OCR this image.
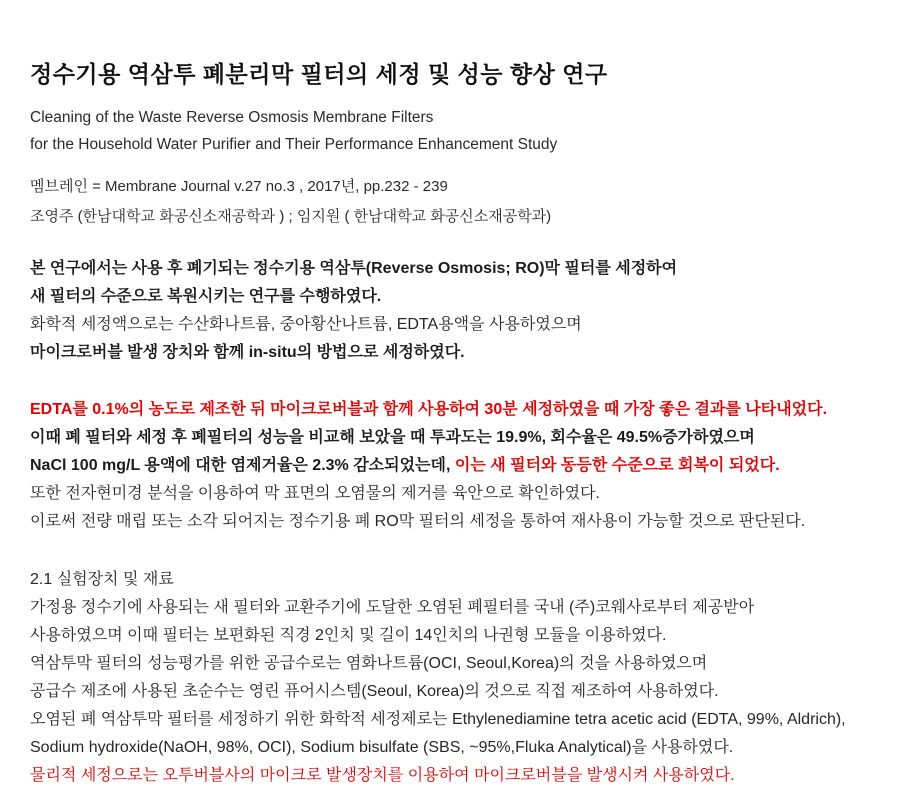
정수기용 역삼투 폐분리막 필터의 세정 및 성능 향상 연구
Cleaning of the Waste Reverse Osmosis Membrane Filters
for the Household Water Purifier and Their Performance Enhancement Study
멤브레인 = Membrane Journal v.27 no.3 , 2017년, pp.232 - 239
조영주 (한남대학교 화공신소재공학과 ) ; 임지원 ( 한남대학교 화공신소재공학과)
본 연구에서는 사용 후 폐기되는 정수기용 역삼투(Reverse Osmosis; RO)막 필터를 세정하여
새 필터의 수준으로 복원시키는 연구를 수행하였다.
화학적 세정액으로는 수산화나트륨, 중아황산나트륨, EDTA용액을 사용하였으며
마이크로버블 발생 장치와 함께 in-situ의 방법으로 세정하였다.
EDTA를 0.1%의 농도로 제조한 뒤 마이크로버블과 함께 사용하여 30분 세정하였을 때 가장 좋은 결과를 나타내었다.
이때 폐 필터와 세정 후 폐필터의 성능을 비교해 보았을 때 투과도는 19.9%, 회수율은 49.5%증가하였으며
NaCl 100 mg/L 용액에 대한 염제거율은 2.3% 감소되었는데, 이는 새 필터와 동등한 수준으로 회복이 되었다.
또한 전자현미경 분석을 이용하여 막 표면의 오염물의 제거를 육안으로 확인하였다.
이로써 전량 매립 또는 소각 되어지는 정수기용 폐 RO막 필터의 세정을 통하여 재사용이 가능할 것으로 판단된다.
2.1 실험장치 및 재료
가정용 정수기에 사용되는 새 필터와 교환주기에 도달한 오염된 폐필터를 국내 (주)코웨사로부터 제공받아
사용하였으며 이때 필터는 보편화된 직경 2인치 및 길이 14인치의 나권형 모듈을 이용하였다.
역삼투막 필터의 성능평가를 위한 공급수로는 염화나트륨(OCI, Seoul,Korea)의 것을 사용하였으며
공급수 제조에 사용된 초순수는 영린 퓨어시스템(Seoul, Korea)의 것으로 직접 제조하여 사용하였다.
오염된 폐 역삼투막 필터를 세정하기 위한 화학적 세정제로는 Ethylenediamine tetra acetic acid (EDTA, 99%, Aldrich),
Sodium hydroxide(NaOH, 98%, OCI), Sodium bisulfate (SBS, ~95%,Fluka Analytical)을 사용하였다.
물리적 세정으로는 오투버블사의 마이크로 발생장치를 이용하여 마이크로버블을 발생시켜 사용하였다.
